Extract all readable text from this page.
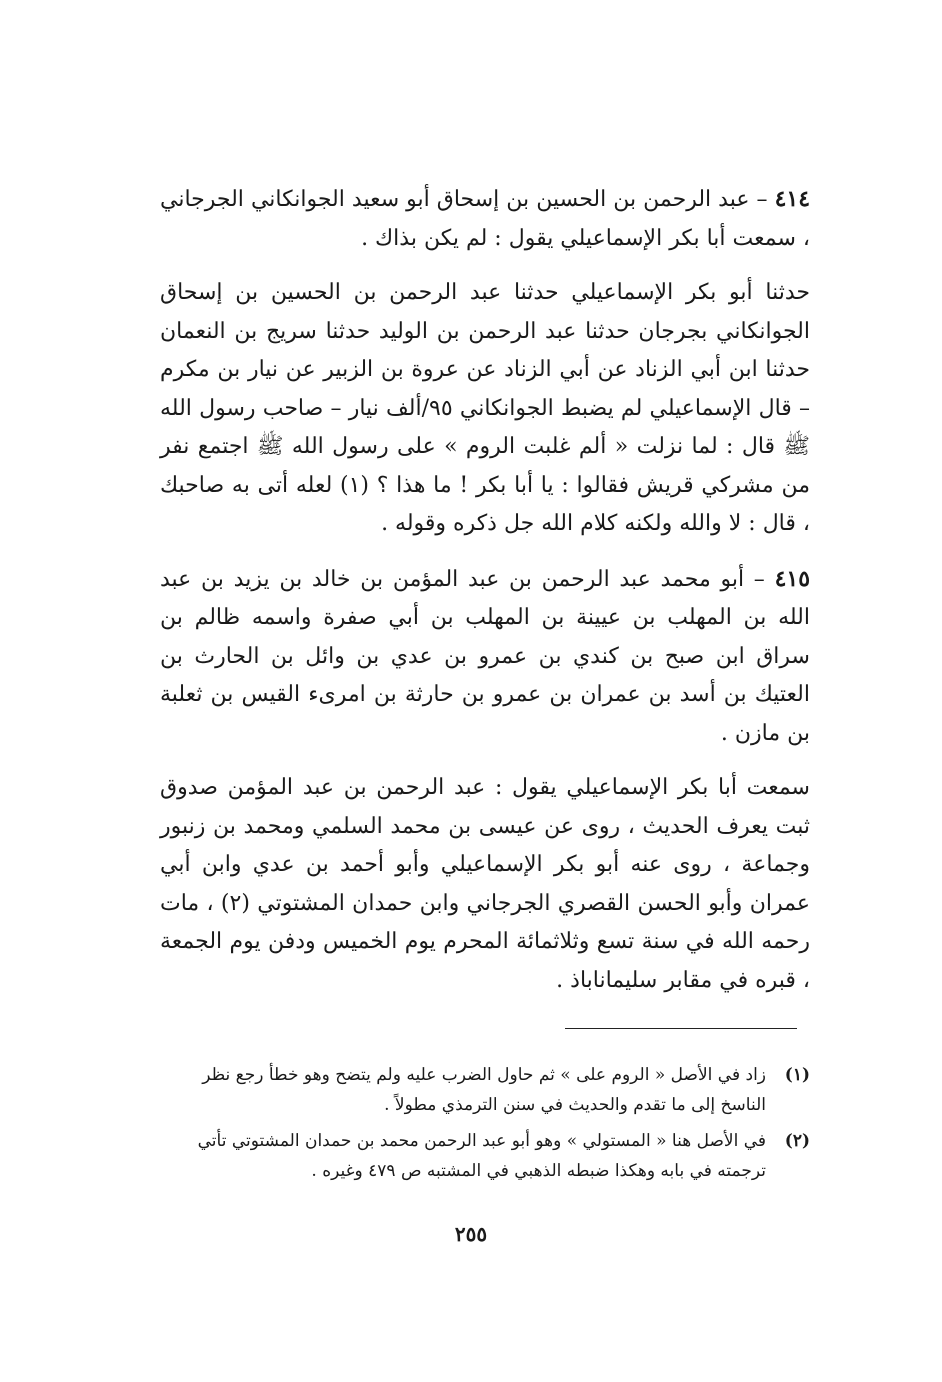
٤١٤ – عبد الرحمن بن الحسين بن إسحاق أبو سعيد الجوانكاني الجرجاني ، سمعت أبا بكر الإسماعيلي يقول : لم يكن بذاك .

حدثنا أبو بكر الإسماعيلي حدثنا عبد الرحمن بن الحسين بن إسحاق الجوانكاني بجرجان حدثنا عبد الرحمن بن الوليد حدثنا سريج بن النعمان حدثنا ابن أبي الزناد عن أبي الزناد عن عروة بن الزبير عن نيار بن مكرم – قال الإسماعيلي لم يضبط الجوانكاني ٩٥/ألف نيار – صاحب رسول الله ﷺ قال : لما نزلت « ألم غلبت الروم » على رسول الله ﷺ اجتمع نفر من مشركي قريش فقالوا : يا أبا بكر ! ما هذا ؟ (١) لعله أتى به صاحبك ، قال : لا والله ولكنه كلام الله جل ذكره وقوله .

٤١٥ – أبو محمد عبد الرحمن بن عبد المؤمن بن خالد بن يزيد بن عبد الله بن المهلب بن عيينة بن المهلب بن أبي صفرة واسمه ظالم بن سراق ابن صبح بن كندي بن عمرو بن عدي بن وائل بن الحارث بن العتيك بن أسد بن عمران بن عمرو بن حارثة بن امرىء القيس بن ثعلبة بن مازن .

سمعت أبا بكر الإسماعيلي يقول : عبد الرحمن بن عبد المؤمن صدوق ثبت يعرف الحديث ، روى عن عيسى بن محمد السلمي ومحمد بن زنبور وجماعة ، روى عنه أبو بكر الإسماعيلي وأبو أحمد بن عدي وابن أبي عمران وأبو الحسن القصري الجرجاني وابن حمدان المشتوتي (٢) ، مات رحمه الله في سنة تسع وثلاثمائة المحرم يوم الخميس ودفن يوم الجمعة ، قبره في مقابر سليماناباذ .

(١)
زاد في الأصل « الروم على » ثم حاول الضرب عليه ولم يتضح وهو خطأ رجع نظر الناسخ إلى ما تقدم والحديث في سنن الترمذي مطولاً .
(٢)
في الأصل هنا « المستولي » وهو أبو عبد الرحمن محمد بن حمدان المشتوتي تأتي ترجمته في بابه وهكذا ضبطه الذهبي في المشتبه ص ٤٧٩ وغيره .
٢٥٥
